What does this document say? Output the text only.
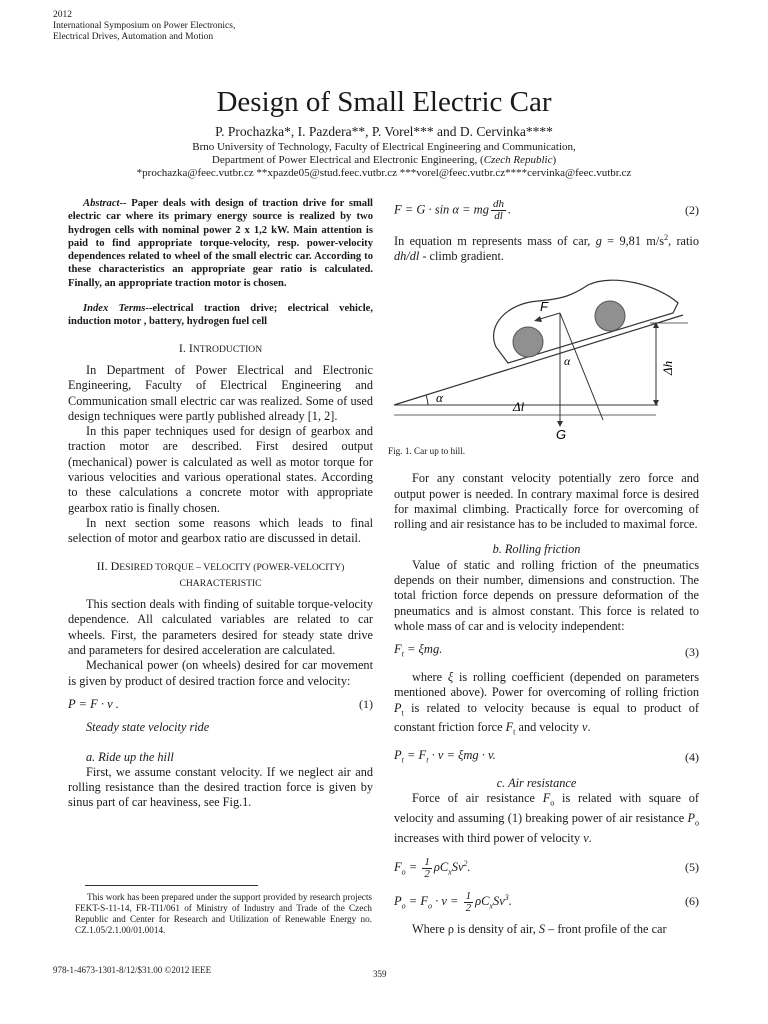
2012
International Symposium on Power Electronics,
Electrical Drives, Automation and Motion
Design of Small Electric Car
P. Prochazka*, I. Pazdera**, P. Vorel*** and D. Cervinka****
Brno University of Technology, Faculty of Electrical Engineering and Communication,
Department of Power Electrical and Electronic Engineering, (Czech Republic)
*prochazka@feec.vutbr.cz **xpazde05@stud.feec.vutbr.cz ***vorel@feec.vutbr.cz****cervinka@feec.vutbr.cz

Abstract-- Paper deals with design of traction drive for small electric car where its primary energy source is realized by two hydrogen cells with nominal power 2 x 1,2 kW. Main attention is paid to find appropriate torque-velocity, resp. power-velocity dependences related to wheel of the small electric car. According to these characteristics an appropriate gear ratio is calculated. Finally, an appropriate traction motor is chosen.

Index Terms--electrical traction drive; electrical vehicle, induction motor , battery, hydrogen fuel cell

I. INTRODUCTION

In Department of Power Electrical and Electronic Engineering, Faculty of Electrical Engineering and Communication small electric car was realized. Some of used design techniques were partly published already [1, 2].

In this paper techniques used for design of gearbox and traction motor are described. First desired output (mechanical) power is calculated as well as motor torque for various velocities and various operational states. According to these calculations a concrete motor with appropriate gearbox ratio is finally chosen.

In next section some reasons which leads to final selection of motor and gearbox ratio are discussed in detail.

II. DESIRED TORQUE – VELOCITY (POWER-VELOCITY)
CHARACTERISTIC

This section deals with finding of suitable torque-velocity dependence. All calculated variables are related to car wheels. First, the parameters desired for steady state drive and parameters for desired acceleration are calculated.

Mechanical power (on wheels) desired for car movement is given by product of desired traction force and velocity:

P = F · v .	(1)

Steady state velocity ride

a. Ride up the hill

First, we assume constant velocity. If we neglect air and rolling resistance than the desired traction force is given by sinus part of car heaviness, see Fig.1.

F = G · sin α = mg $\frac{dh}{dl}$ .	(2)

In equation m represents mass of car, g = 9,81 $m/s^2$, ratio dh/dl - climb gradient.

F
α
α	Δh
Δl
G
Fig. 1. Car up to hill.

For any constant velocity potentially zero force and output power is needed. In contrary maximal force is desired for maximal climbing. Practically force for overcoming of rolling and air resistance has to be included to maximal force.

b. Rolling friction

Value of static and rolling friction of the pneumatics depends on their number, dimensions and construction. The total friction force depends on pressure deformation of the pneumatics and is almost constant. This force is related to whole mass of car and is velocity independent:

$F_t = \xi mg$.	(3)

where ξ is rolling coefficient (depended on parameters mentioned above). Power for overcoming of rolling friction $P_t$ is related to velocity because is equal to product of constant friction force $F_t$ and velocity v.

$P_t = F_t \cdot v = \xi mg \cdot v$.	(4)

c. Air resistance

Force of air resistance $F_o$ is related with square of velocity and assuming (1) breaking power of air resistance $P_o$ increases with third power of velocity v.

$F_o = \frac{1}{2} \rho C_xSv^2$.	(5)
$P_o = F_o \cdot v = \frac{1}{2} \rho C_xSv^3$.	(6)

Where ρ is density of air, S – front profile of the car

This work has been prepared under the support provided by research projects FEKT-S-11-14, FR-TI1/061 of Ministry of Industry and Trade of the Czech Republic and Center for Research and Utilization of Renewable Energy no. CZ.1.05/2.1.00/01.0014.
978-1-4673-1301-8/12/$31.00 ©2012 IEEE	359
